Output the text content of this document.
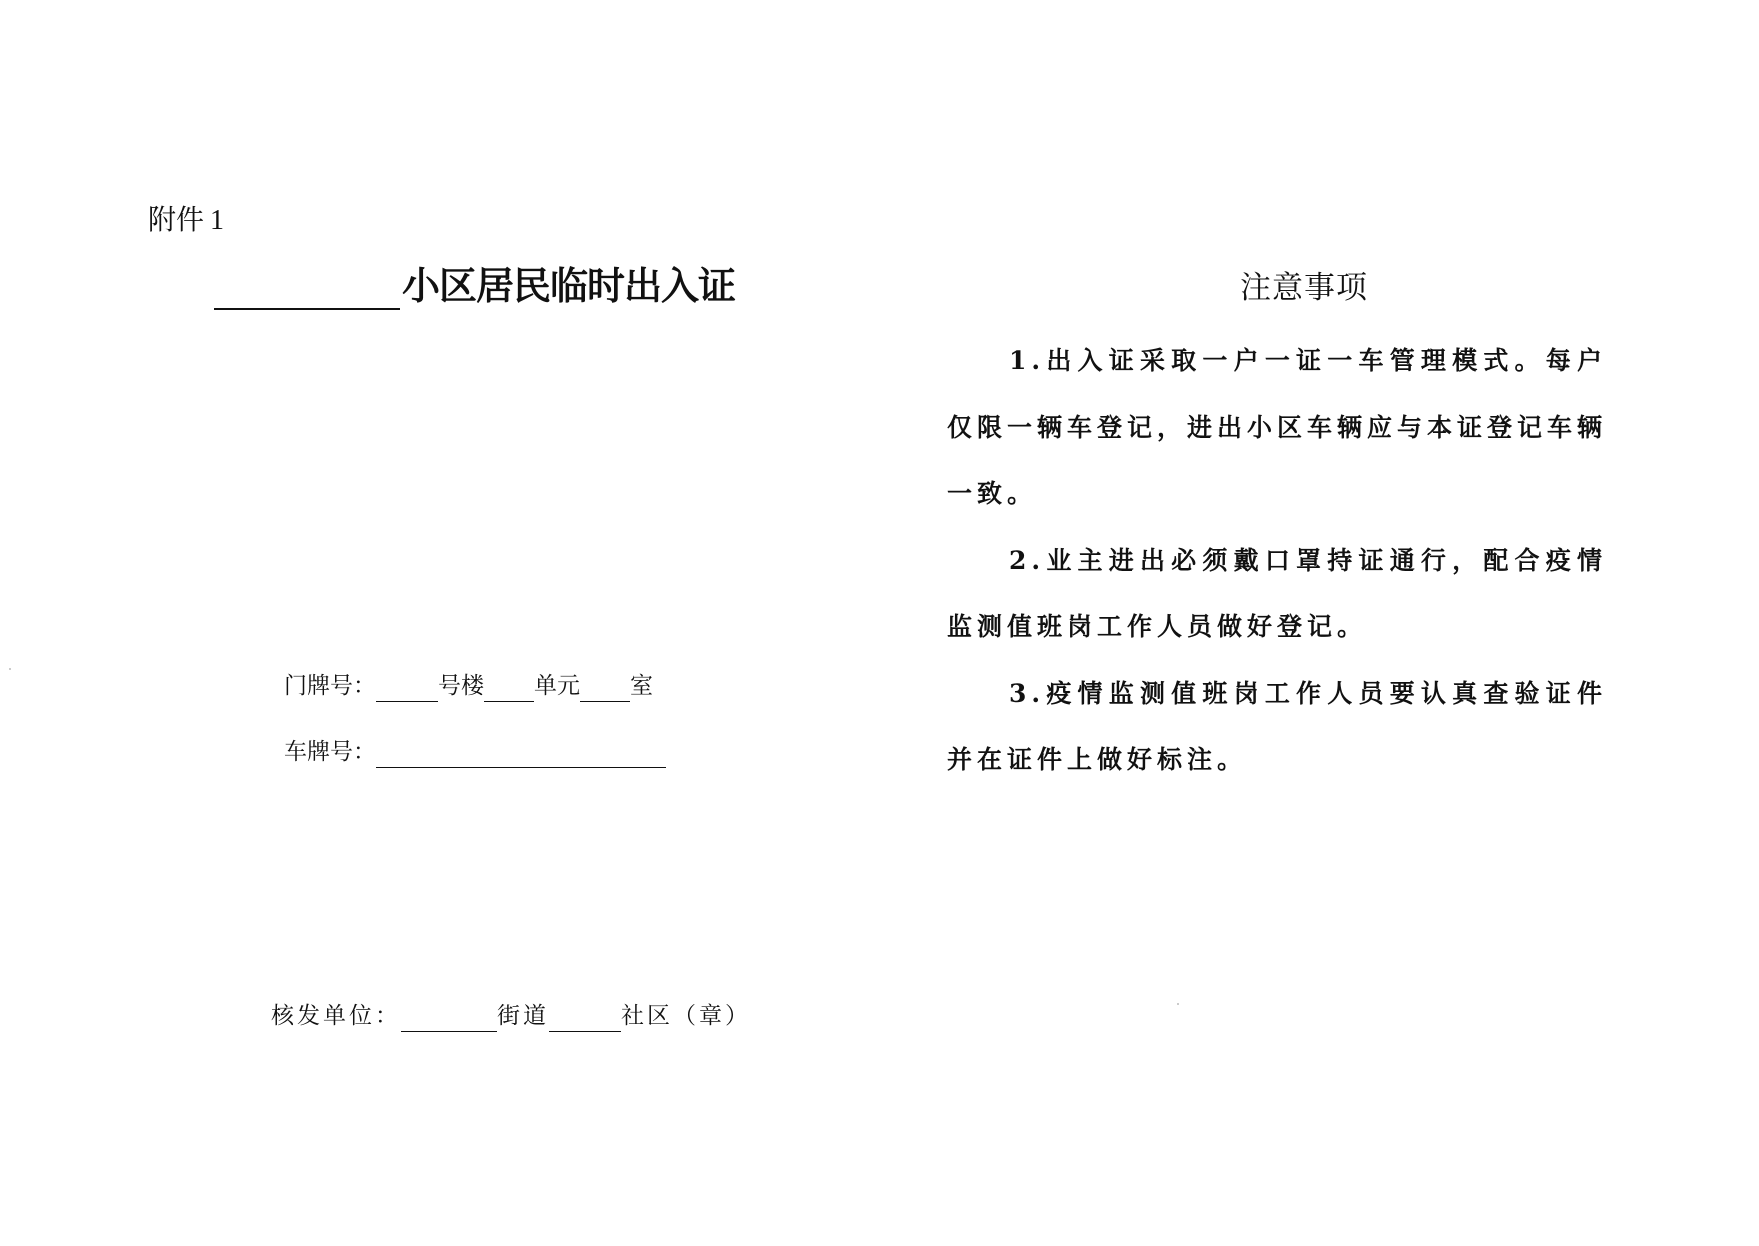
附件 1
小区居民临时出入证
门牌号：	号楼 单元 室
车牌号：
核发单位：	街道	社区（章）
注意事项

1.出入证采取一户一证一车管理模式。每户仅限一辆车登记，进出小区车辆应与本证登记车辆一致。

2.业主进出必须戴口罩持证通行，配合疫情监测值班岗工作人员做好登记。

3.疫情监测值班岗工作人员要认真查验证件并在证件上做好标注。
